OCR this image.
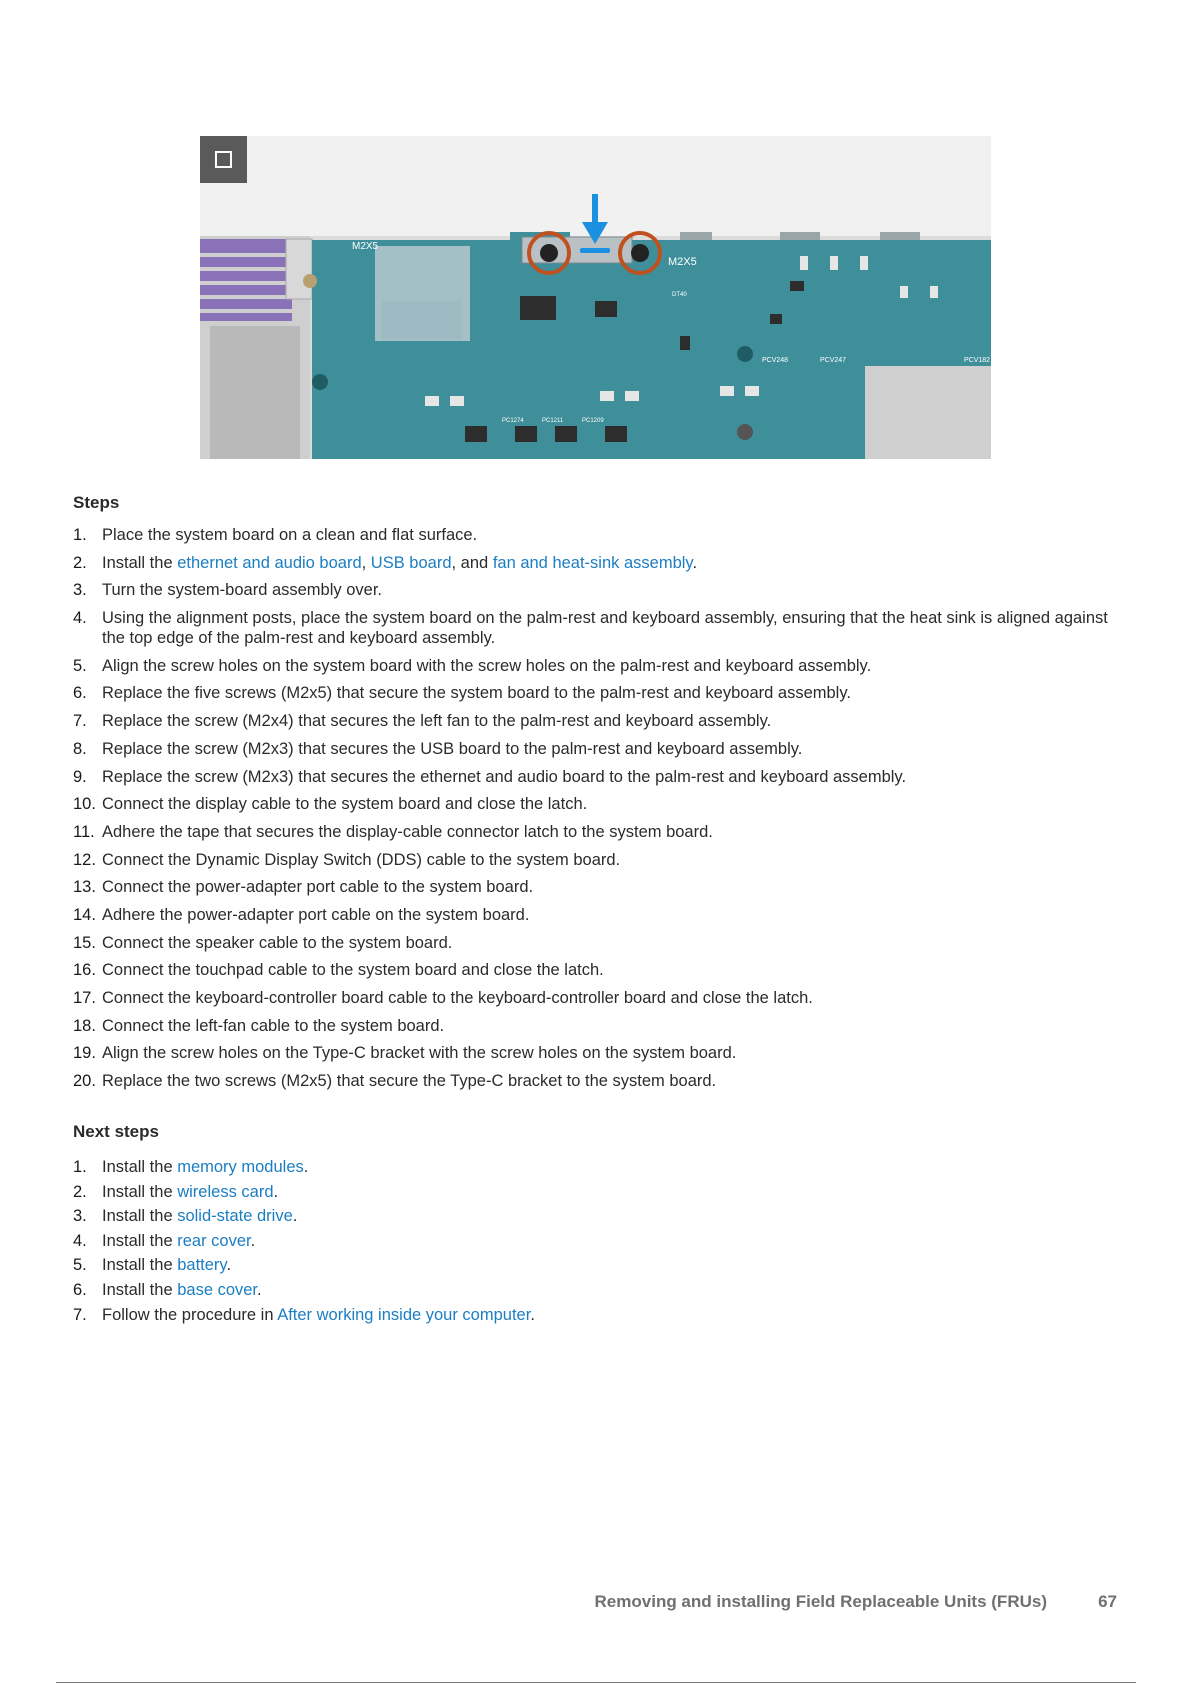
M2X5
M2X5
PCV248	PCV247	PCV182
PC1274	PC1211	PC1209
DT40
Steps
1. Place the system board on a clean and flat surface.
2. Install the ethernet and audio board, USB board, and fan and heat-sink assembly.
3. Turn the system-board assembly over.
4. Using the alignment posts, place the system board on the palm-rest and keyboard assembly, ensuring that the heat sink is aligned against the top edge of the palm-rest and keyboard assembly.
5. Align the screw holes on the system board with the screw holes on the palm-rest and keyboard assembly.
6. Replace the five screws (M2x5) that secure the system board to the palm-rest and keyboard assembly.
7. Replace the screw (M2x4) that secures the left fan to the palm-rest and keyboard assembly.
8. Replace the screw (M2x3) that secures the USB board to the palm-rest and keyboard assembly.
9. Replace the screw (M2x3) that secures the ethernet and audio board to the palm-rest and keyboard assembly.
10. Connect the display cable to the system board and close the latch.
11. Adhere the tape that secures the display-cable connector latch to the system board.
12. Connect the Dynamic Display Switch (DDS) cable to the system board.
13. Connect the power-adapter port cable to the system board.
14. Adhere the power-adapter port cable on the system board.
15. Connect the speaker cable to the system board.
16. Connect the touchpad cable to the system board and close the latch.
17. Connect the keyboard-controller board cable to the keyboard-controller board and close the latch.
18. Connect the left-fan cable to the system board.
19. Align the screw holes on the Type-C bracket with the screw holes on the system board.
20. Replace the two screws (M2x5) that secure the Type-C bracket to the system board.
Next steps
1. Install the memory modules.
2. Install the wireless card.
3. Install the solid-state drive.
4. Install the rear cover.
5. Install the battery.
6. Install the base cover.
7. Follow the procedure in After working inside your computer.
Removing and installing Field Replaceable Units (FRUs)	67
